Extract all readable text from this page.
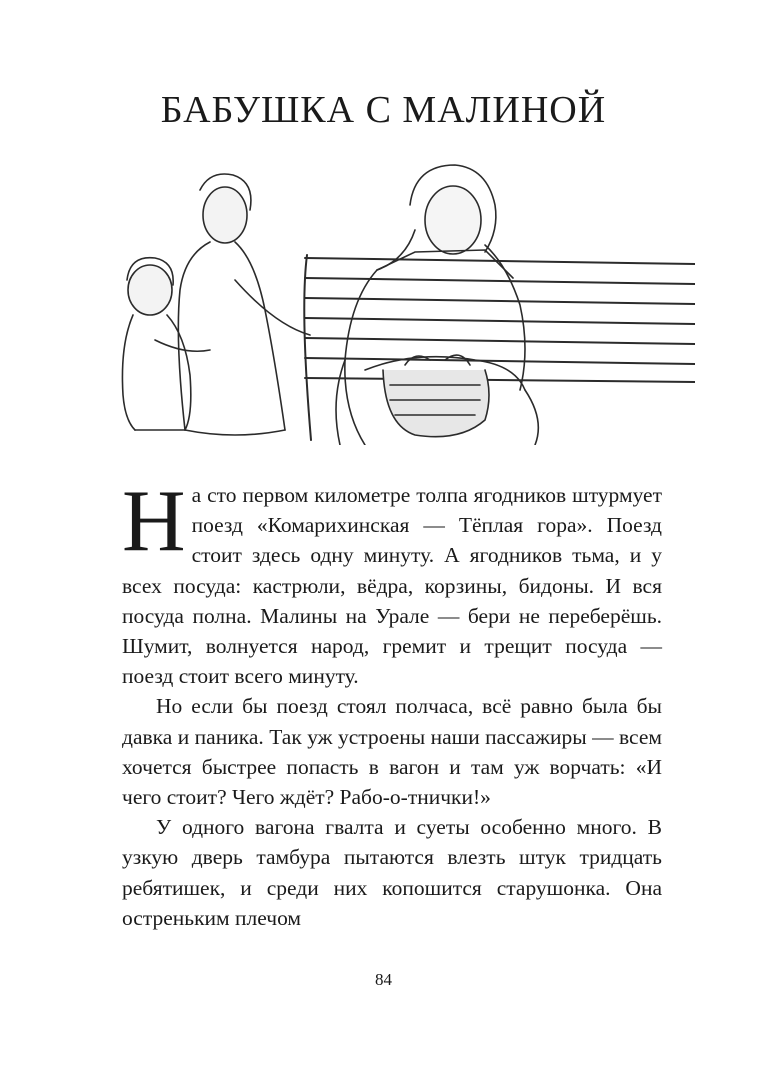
БАБУШКА С МАЛИНОЙ

На сто первом километре толпа ягодников штурмует поезд «Комарихинская — Тёплая гора». Поезд стоит здесь одну минуту. А ягодников тьма, и у всех посуда: кастрюли, вёдра, корзины, бидоны. И вся посуда полна. Малины на Урале — бери не переберёшь. Шумит, волнуется народ, гремит и трещит посуда — поезд стоит всего минуту.

Но если бы поезд стоял полчаса, всё равно была бы давка и паника. Так уж устроены наши пассажиры — всем хочется быстрее попасть в вагон и там уж ворчать: «И чего стоит? Чего ждёт? Рабо-о-тнички!»

У одного вагона гвалта и суеты особенно много. В узкую дверь тамбура пытаются влезть штук тридцать ребятишек, и среди них копошится старушонка. Она остреньким плечом

84
